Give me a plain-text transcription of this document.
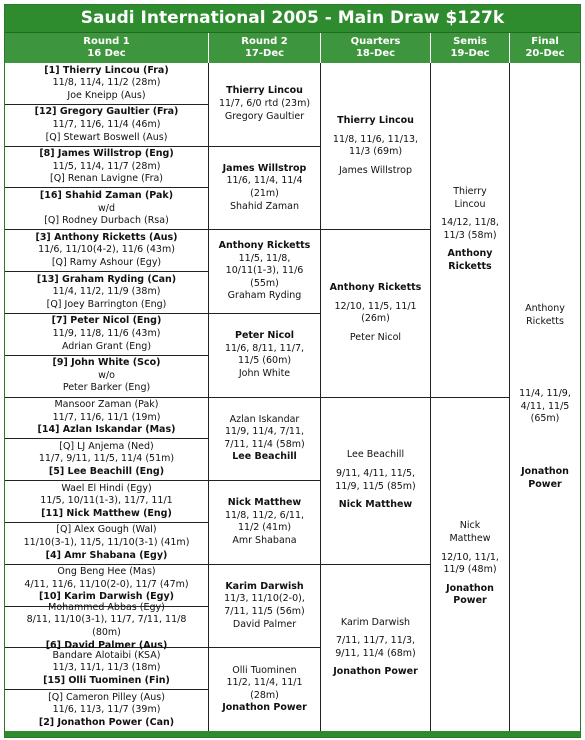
Saudi International 2005 - Main Draw $127k
Round 1
16 Dec
Round 2
17-Dec
Quarters
18-Dec
Semis
19-Dec
Final
20-Dec
[1] Thierry Lincou (Fra)
11/8, 11/4, 11/2 (28m)
Joe Kneipp (Aus)
[12] Gregory Gaultier (Fra)
11/7, 11/6, 11/4 (46m)
[Q] Stewart Boswell (Aus)
[8] James Willstrop (Eng)
11/5, 11/4, 11/7 (28m)
[Q] Renan Lavigne (Fra)
[16] Shahid Zaman (Pak)
w/d
[Q] Rodney Durbach (Rsa)
[3] Anthony Ricketts (Aus)
11/6, 11/10(4-2), 11/6 (43m)
[Q] Ramy Ashour (Egy)
[13] Graham Ryding (Can)
11/4, 11/2, 11/9 (38m)
[Q] Joey Barrington (Eng)
[7] Peter Nicol (Eng)
11/9, 11/8, 11/6 (43m)
Adrian Grant (Eng)
[9] John White (Sco)
w/o
Peter Barker (Eng)
Mansoor Zaman (Pak)
11/7, 11/6, 11/1 (19m)
[14] Azlan Iskandar (Mas)
[Q] LJ Anjema (Ned)
11/7, 9/11, 11/5, 11/4 (51m)
[5] Lee Beachill (Eng)
Wael El Hindi (Egy)
11/5, 10/11(1-3), 11/7, 11/1
[11] Nick Matthew (Eng)
[Q] Alex Gough (Wal)
11/10(3-1), 11/5, 11/10(3-1) (41m)
[4] Amr Shabana (Egy)
Ong Beng Hee (Mas)
4/11, 11/6, 11/10(2-0), 11/7 (47m)
[10] Karim Darwish (Egy)
Mohammed Abbas (Egy)
8/11, 11/10(3-1), 11/7, 7/11, 11/8
(80m)
[6] David Palmer (Aus)
Bandare Alotaibi (KSA)
11/3, 11/1, 11/3 (18m)
[15] Olli Tuominen (Fin)
[Q] Cameron Pilley (Aus)
11/6, 11/3, 11/7 (39m)
[2] Jonathon Power (Can)
Thierry Lincou
11/7, 6/0 rtd (23m)
Gregory Gaultier
James Willstrop
11/6, 11/4, 11/4
(21m)
Shahid Zaman
Anthony Ricketts
11/5, 11/8,
10/11(1-3), 11/6
(55m)
Graham Ryding
Peter Nicol
11/6, 8/11, 11/7,
11/5 (60m)
John White
Azlan Iskandar
11/9, 11/4, 7/11,
7/11, 11/4 (58m)
Lee Beachill
Nick Matthew
11/8, 11/2, 6/11,
11/2 (41m)
Amr Shabana
Karim Darwish
11/3, 11/10(2-0),
7/11, 11/5 (56m)
David Palmer
Olli Tuominen
11/2, 11/4, 11/1
(28m)
Jonathon Power
Thierry Lincou
11/8, 11/6, 11/13,
11/3 (69m)
James Willstrop
Anthony Ricketts
12/10, 11/5, 11/1
(26m)
Peter Nicol
Lee Beachill
9/11, 4/11, 11/5,
11/9, 11/5 (85m)
Nick Matthew
Karim Darwish
7/11, 11/7, 11/3,
9/11, 11/4 (68m)
Jonathon Power
Thierry
Lincou
14/12, 11/8,
11/3 (58m)
Anthony
Ricketts
Nick
Matthew
12/10, 11/1,
11/9 (48m)
Jonathon
Power
Anthony
Ricketts
11/4, 11/9,
4/11, 11/5
(65m)
Jonathon
Power
